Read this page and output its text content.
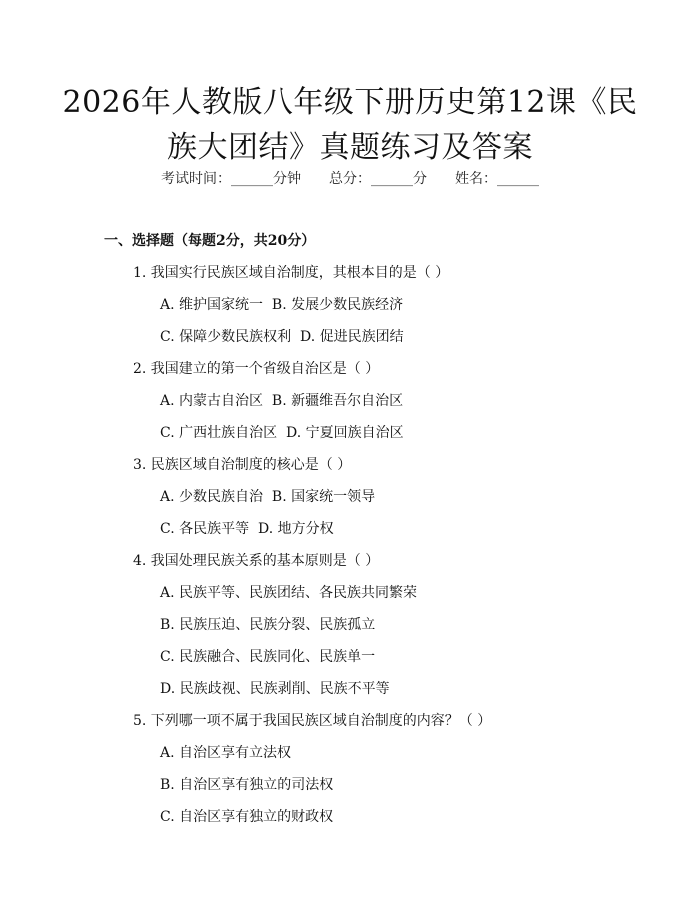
2026年人教版八年级下册历史第12课《民
族大团结》真题练习及答案
考试时间：______分钟 总分：______分 姓名：______
一、选择题（每题2分，共20分）
1. 我国实行民族区域自治制度，其根本目的是（ ）
A. 维护国家统一  B. 发展少数民族经济
C. 保障少数民族权利  D. 促进民族团结
2. 我国建立的第一个省级自治区是（ ）
A. 内蒙古自治区  B. 新疆维吾尔自治区
C. 广西壮族自治区  D. 宁夏回族自治区
3. 民族区域自治制度的核心是（ ）
A. 少数民族自治  B. 国家统一领导
C. 各民族平等  D. 地方分权
4. 我国处理民族关系的基本原则是（ ）
A. 民族平等、民族团结、各民族共同繁荣
B. 民族压迫、民族分裂、民族孤立
C. 民族融合、民族同化、民族单一
D. 民族歧视、民族剥削、民族不平等
5. 下列哪一项不属于我国民族区域自治制度的内容？（ ）
A. 自治区享有立法权
B. 自治区享有独立的司法权
C. 自治区享有独立的财政权
